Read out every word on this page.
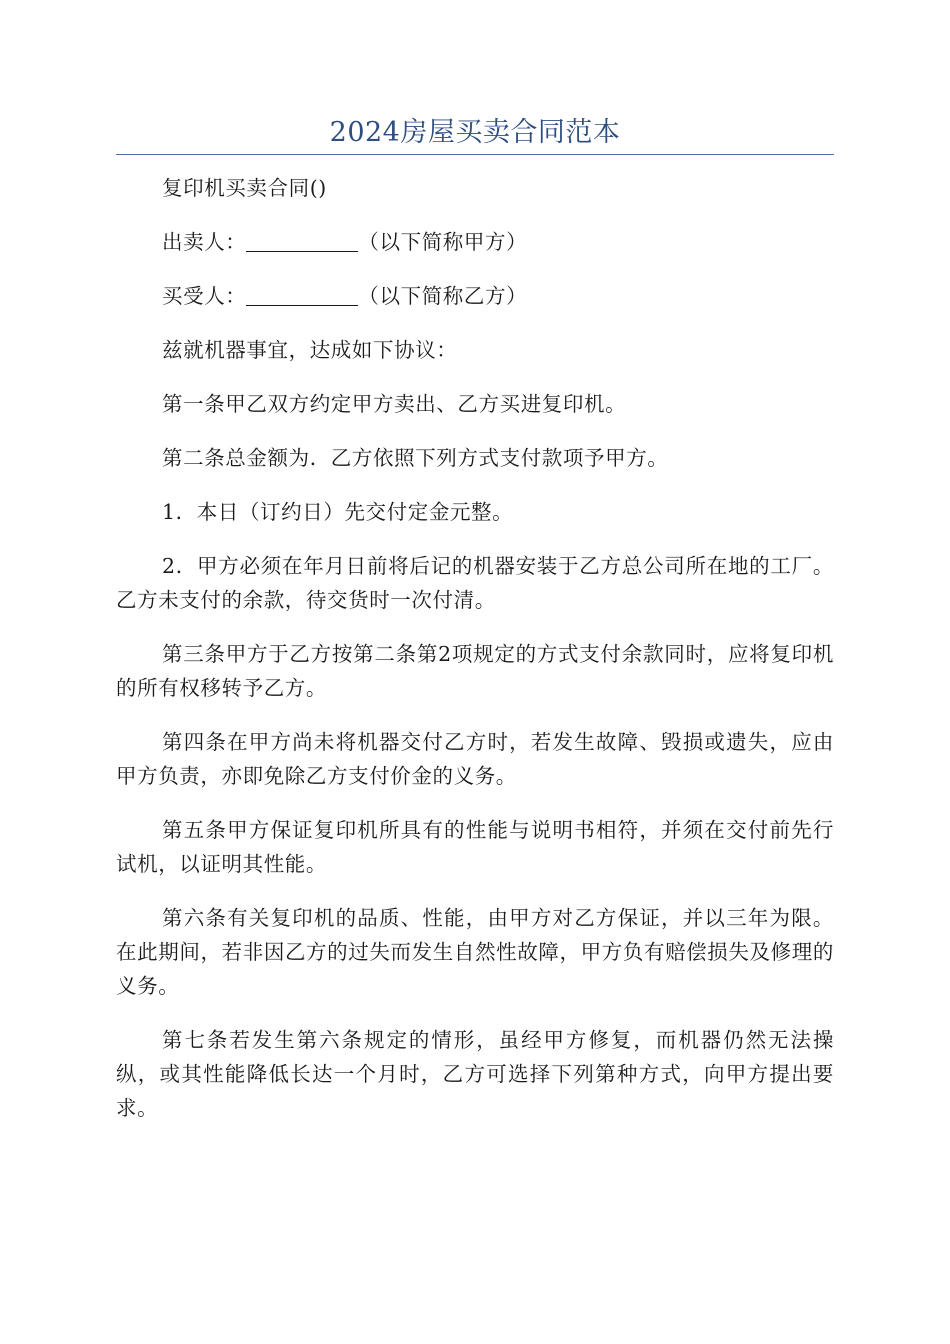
2024房屋买卖合同范本

复印机买卖合同()

出卖人：	（以下简称甲方）

买受人：	（以下简称乙方）

兹就机器事宜，达成如下协议：

第一条甲乙双方约定甲方卖出、乙方买进复印机。

第二条总金额为．乙方依照下列方式支付款项予甲方。

1．本日（订约日）先交付定金元整。

2．甲方必须在年月日前将后记的机器安装于乙方总公司所在地的工厂。乙方未支付的余款，待交货时一次付清。

第三条甲方于乙方按第二条第2项规定的方式支付余款同时，应将复印机的所有权移转予乙方。

第四条在甲方尚未将机器交付乙方时，若发生故障、毁损或遗失，应由甲方负责，亦即免除乙方支付价金的义务。

第五条甲方保证复印机所具有的性能与说明书相符，并须在交付前先行试机，以证明其性能。

第六条有关复印机的品质、性能，由甲方对乙方保证，并以三年为限。在此期间，若非因乙方的过失而发生自然性故障，甲方负有赔偿损失及修理的义务。

第七条若发生第六条规定的情形，虽经甲方修复，而机器仍然无法操纵，或其性能降低长达一个月时，乙方可选择下列第种方式，向甲方提出要求。
